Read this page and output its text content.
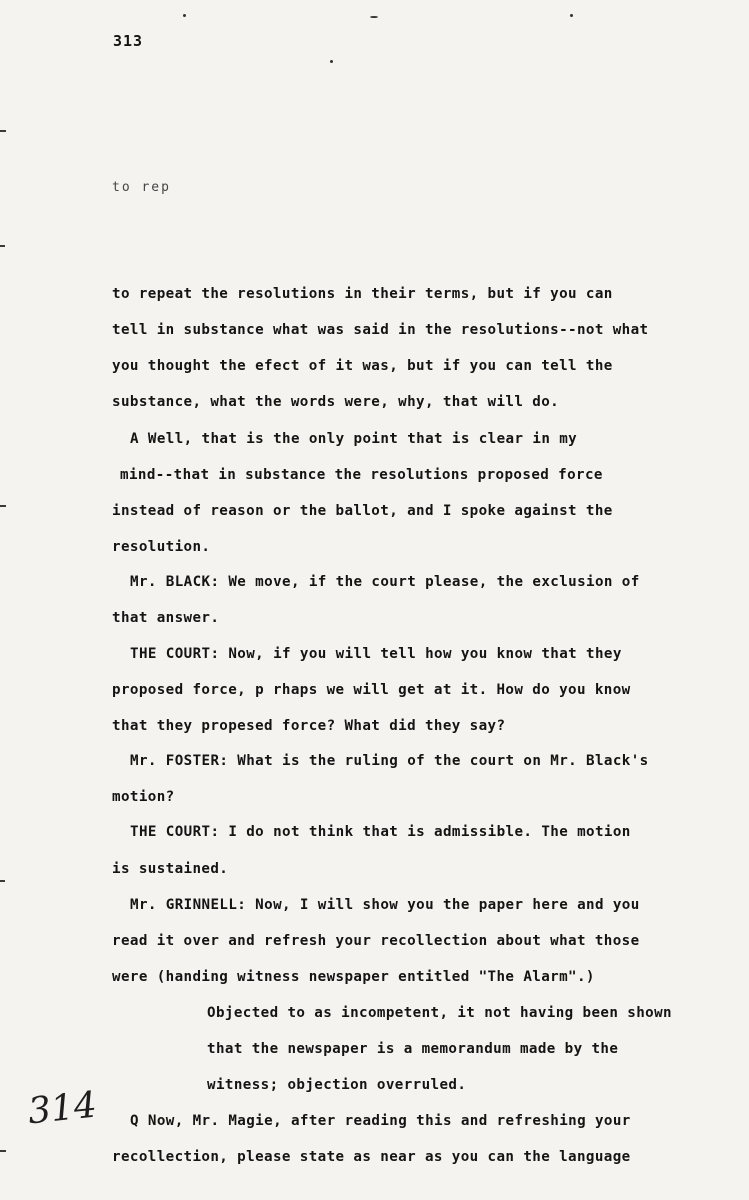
313
to rep
to repeat the resolutions in their terms, but if you can
tell in substance what was said in the resolutions--not what
you thought the efect of it was, but if you can tell the
substance, what the words were, why, that will do.
A Well, that is the only point that is clear in my
mind--that in substance the resolutions proposed force
instead of reason or the ballot, and I spoke against the
resolution.
Mr. BLACK: We move, if the court please, the exclusion of
that answer.
THE COURT: Now, if you will tell how you know that they
proposed force, p rhaps we will get at it. How do you know
that they propesed force? What did they say?
Mr. FOSTER: What is the ruling of the court on Mr. Black's
motion?
THE COURT: I do not think that is admissible. The motion
is sustained.
Mr. GRINNELL: Now, I will show you the paper here and you
read it over and refresh your recollection about what those
were (handing witness newspaper entitled "The Alarm".)
Objected to as incompetent, it not having been shown
that the newspaper is a memorandum made by the
witness; objection overruled.
Q Now, Mr. Magie, after reading this and refreshing your
recollection, please state as near as you can the language
314
